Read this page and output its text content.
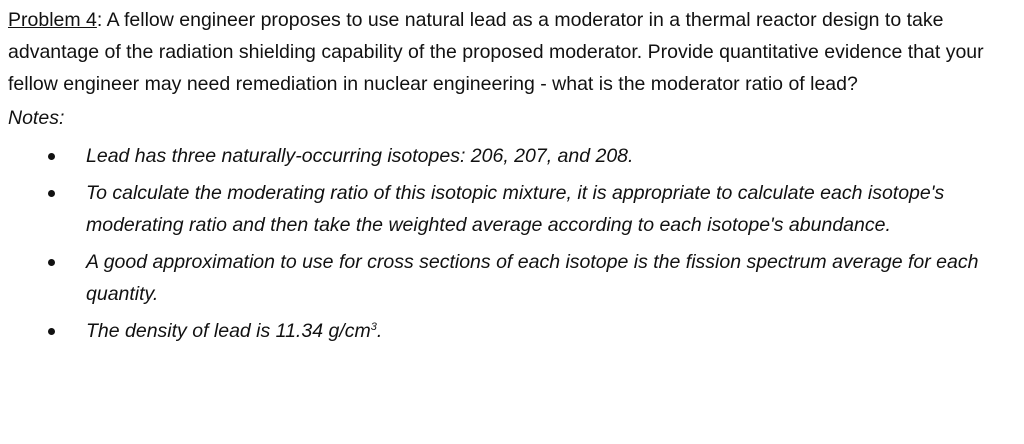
Problem 4: A fellow engineer proposes to use natural lead as a moderator in a thermal reactor design to take advantage of the radiation shielding capability of the proposed moderator. Provide quantitative evidence that your fellow engineer may need remediation in nuclear engineering - what is the moderator ratio of lead?

Notes:

Lead has three naturally-occurring isotopes: 206, 207, and 208.
To calculate the moderating ratio of this isotopic mixture, it is appropriate to calculate each isotope's moderating ratio and then take the weighted average according to each isotope's abundance.
A good approximation to use for cross sections of each isotope is the fission spectrum average for each quantity.
The density of lead is 11.34 $g/cm^3$.
